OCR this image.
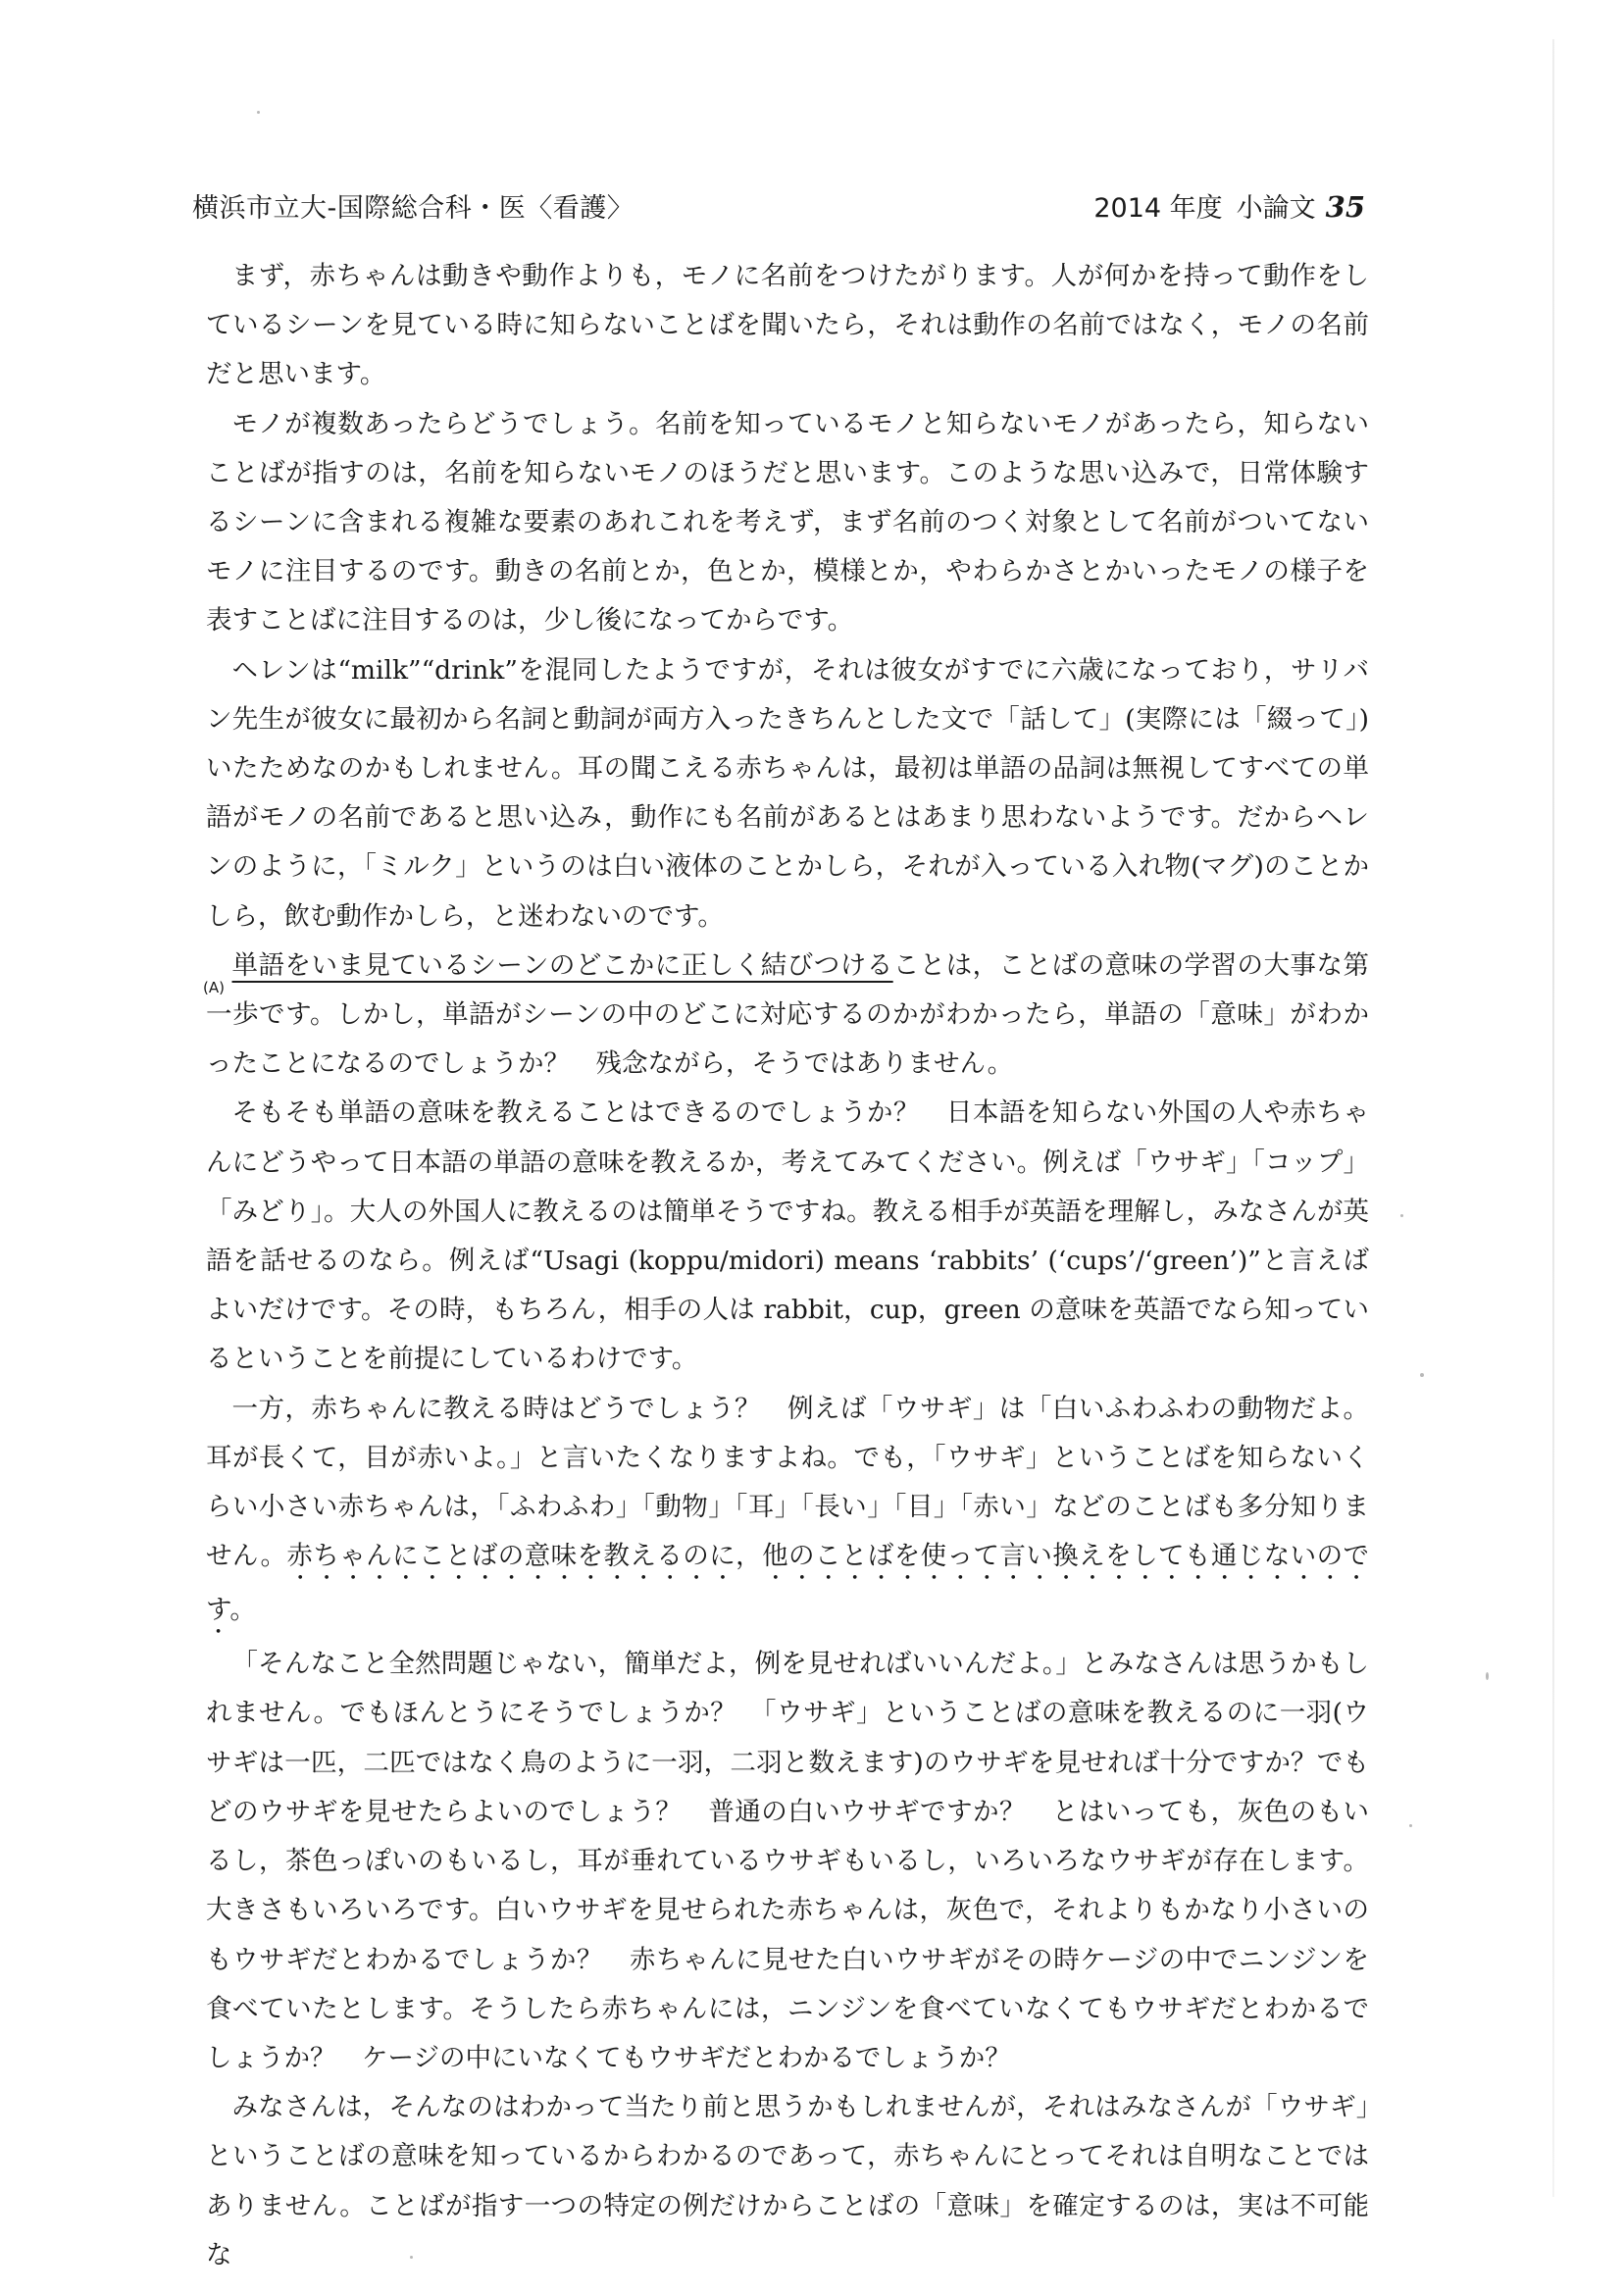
横浜市立大-国際総合科・医〈看護〉	2014 年度 小論文 35

まず，赤ちゃんは動きや動作よりも，モノに名前をつけたがります。人が何かを持って動作をしているシーンを見ている時に知らないことばを聞いたら，それは動作の名前ではなく，モノの名前だと思います。

モノが複数あったらどうでしょう。名前を知っているモノと知らないモノがあったら，知らないことばが指すのは，名前を知らないモノのほうだと思います。このような思い込みで，日常体験するシーンに含まれる複雑な要素のあれこれを考えず，まず名前のつく対象として名前がついてないモノに注目するのです。動きの名前とか，色とか，模様とか，やわらかさとかいったモノの様子を表すことばに注目するのは，少し後になってからです。

ヘレンは“milk”“drink”を混同したようですが，それは彼女がすでに六歳になっており，サリバン先生が彼女に最初から名詞と動詞が両方入ったきちんとした文で「話して」(実際には「綴って」)いたためなのかもしれません。耳の聞こえる赤ちゃんは，最初は単語の品詞は無視してすべての単語がモノの名前であると思い込み，動作にも名前があるとはあまり思わないようです。だからヘレンのように，「ミルク」というのは白い液体のことかしら，それが入っている入れ物(マグ)のことかしら，飲む動作かしら，と迷わないのです。

単語をいま見ているシーンのどこかに正しく結びつけることは，ことばの意味の学習の大事な第一歩です。しかし，単語がシーンの中のどこに対応するのかがわかったら，単語の「意味」がわかったことになるのでしょうか？　残念ながら，そうではありません。

そもそも単語の意味を教えることはできるのでしょうか？　日本語を知らない外国の人や赤ちゃんにどうやって日本語の単語の意味を教えるか，考えてみてください。例えば「ウサギ」「コップ」「みどり」。大人の外国人に教えるのは簡単そうですね。教える相手が英語を理解し，みなさんが英語を話せるのなら。例えば“Usagi (koppu/midori) means ‘rabbits’ (‘cups’/‘green’)”と言えばよいだけです。その時，もちろん，相手の人は rabbit，cup，green の意味を英語でなら知っているということを前提にしているわけです。

一方，赤ちゃんに教える時はどうでしょう？　例えば「ウサギ」は「白いふわふわの動物だよ。耳が長くて，目が赤いよ。」と言いたくなりますよね。でも，「ウサギ」ということばを知らないくらい小さい赤ちゃんは，「ふわふわ」「動物」「耳」「長い」「目」「赤い」などのことばも多分知りません。赤ちゃんにことばの意味を教えるのに，他のことばを使って言い換えをしても通じないのです。

「そんなこと全然問題じゃない，簡単だよ，例を見せればいいんだよ。」とみなさんは思うかもしれません。でもほんとうにそうでしょうか？　「ウサギ」ということばの意味を教えるのに一羽(ウサギは一匹，二匹ではなく鳥のように一羽，二羽と数えます)のウサギを見せれば十分ですか？でもどのウサギを見せたらよいのでしょう？　普通の白いウサギですか？　とはいっても，灰色のもいるし，茶色っぽいのもいるし，耳が垂れているウサギもいるし，いろいろなウサギが存在します。大きさもいろいろです。白いウサギを見せられた赤ちゃんは，灰色で，それよりもかなり小さいのもウサギだとわかるでしょうか？　赤ちゃんに見せた白いウサギがその時ケージの中でニンジンを食べていたとします。そうしたら赤ちゃんには，ニンジンを食べていなくてもウサギだとわかるでしょうか？　ケージの中にいなくてもウサギだとわかるでしょうか？

みなさんは，そんなのはわかって当たり前と思うかもしれませんが，それはみなさんが「ウサギ」ということばの意味を知っているからわかるのであって，赤ちゃんにとってそれは自明なことではありません。ことばが指す一つの特定の例だけからことばの「意味」を確定するのは，実は不可能な

(A)
